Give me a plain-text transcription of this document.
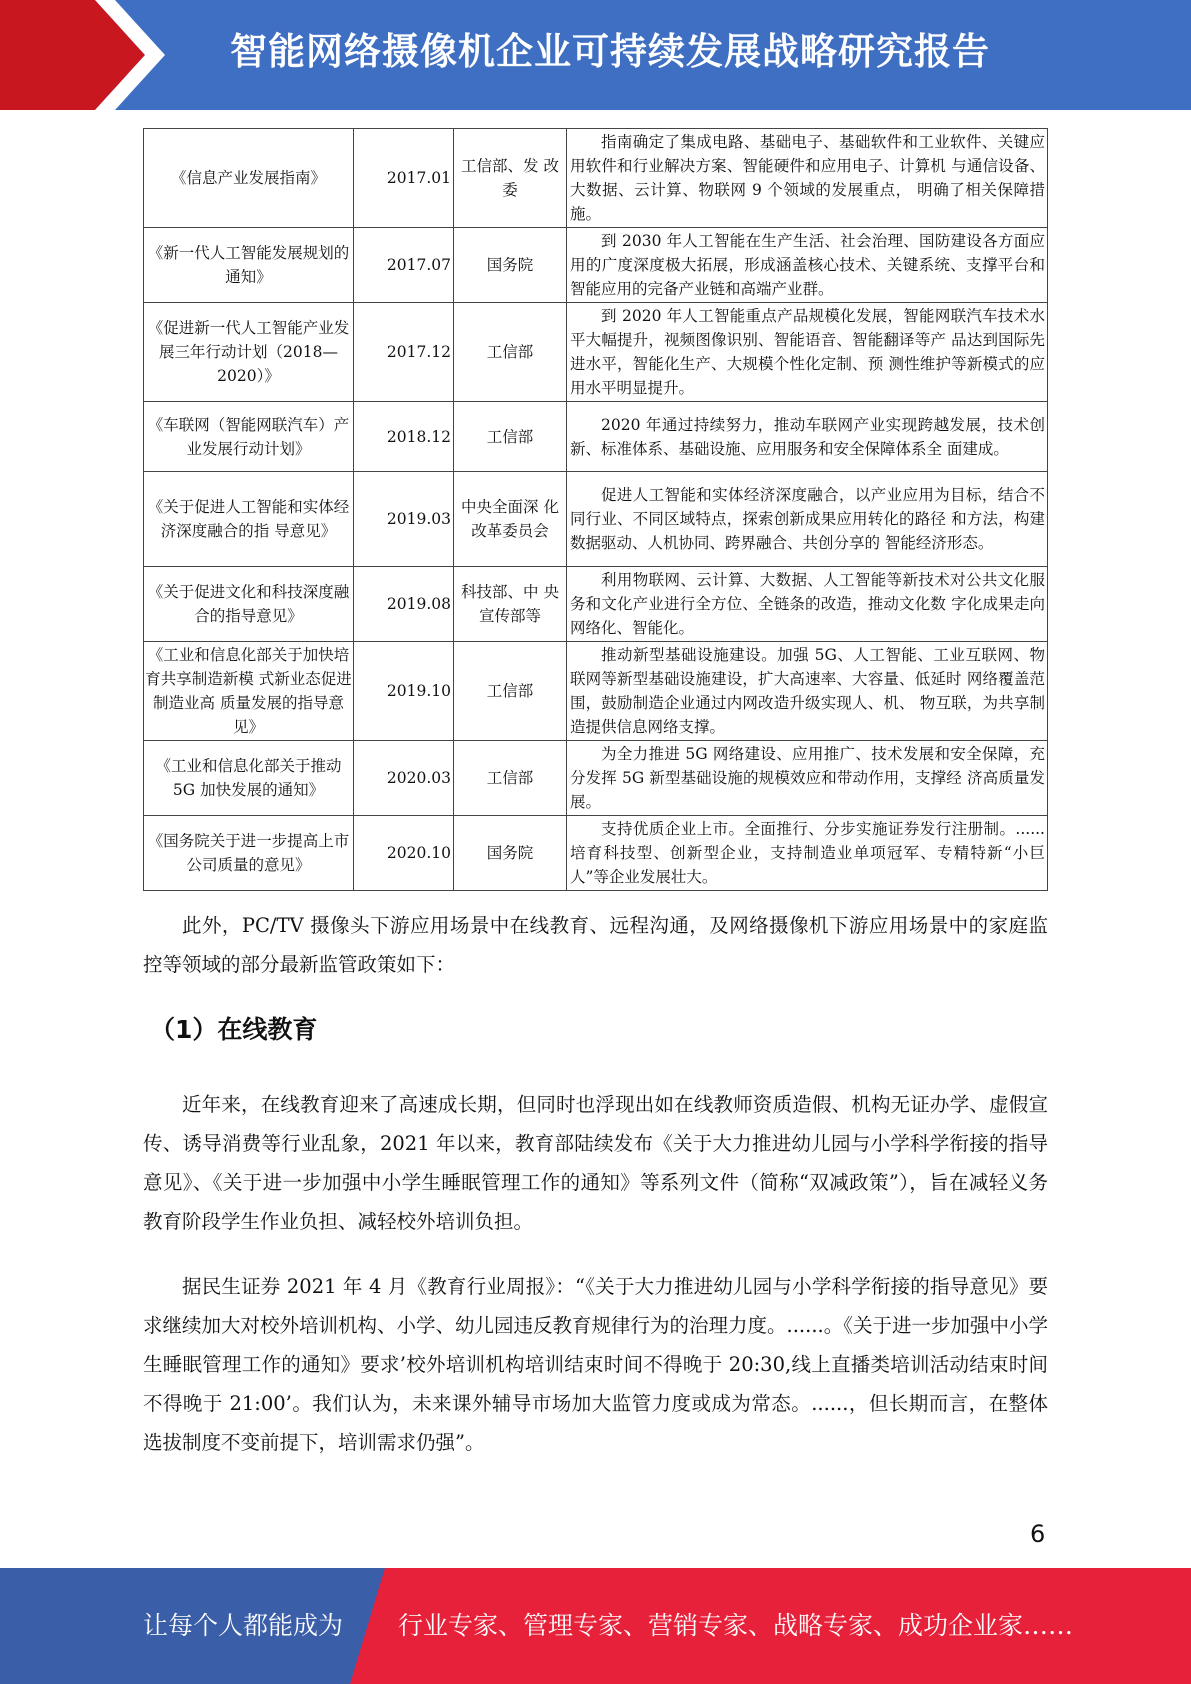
智能网络摄像机企业可持续发展战略研究报告
《信息产业发展指南》	2017.01	工信部、发 改委	指南确定了集成电路、基础电子、基础软件和工业软件、关键应用软件和行业解决方案、智能硬件和应用电子、计算机 与通信设备、大数据、云计算、物联网 9 个领域的发展重点， 明确了相关保障措施。

《新一代人工智能发展规划的通知》	2017.07	国务院	到 2030 年人工智能在生产生活、社会治理、国防建设各方面应用的广度深度极大拓展，形成涵盖核心技术、关键系统、支撑平台和智能应用的完备产业链和高端产业群。

《促进新一代人工智能产业发展三年行动计划（2018—2020）》	2017.12	工信部	到 2020 年人工智能重点产品规模化发展，智能网联汽车技术水平大幅提升，视频图像识别、智能语音、智能翻译等产 品达到国际先进水平，智能化生产、大规模个性化定制、预 测性维护等新模式的应用水平明显提升。

《车联网（智能网联汽车）产业发展行动计划》	2018.12	工信部	2020 年通过持续努力，推动车联网产业实现跨越发展，技术创新、标准体系、基础设施、应用服务和安全保障体系全 面建成。

《关于促进人工智能和实体经济深度融合的指 导意见》	2019.03	中央全面深 化改革委员会	促进人工智能和实体经济深度融合，以产业应用为目标，结合不同行业、不同区域特点，探索创新成果应用转化的路径 和方法，构建数据驱动、人机协同、跨界融合、共创分享的 智能经济形态。

《关于促进文化和科技深度融合的指导意见》	2019.08	科技部、中 央宣传部等	利用物联网、云计算、大数据、人工智能等新技术对公共文化服务和文化产业进行全方位、全链条的改造，推动文化数 字化成果走向网络化、智能化。

《工业和信息化部关于加快培育共享制造新模 式新业态促进制造业高 质量发展的指导意见》	2019.10	工信部	推动新型基础设施建设。加强 5G、人工智能、工业互联网、物联网等新型基础设施建设，扩大高速率、大容量、低延时 网络覆盖范围，鼓励制造企业通过内网改造升级实现人、机、 物互联，为共享制造提供信息网络支撑。

《工业和信息化部关于推动 5G 加快发展的通知》	2020.03	工信部	为全力推进 5G 网络建设、应用推广、技术发展和安全保障，充分发挥 5G 新型基础设施的规模效应和带动作用，支撑经 济高质量发展。

《国务院关于进一步提高上市公司质量的意见》	2020.10	国务院	支持优质企业上市。全面推行、分步实施证券发行注册制。......培育科技型、创新型企业，支持制造业单项冠军、专精特新“小巨人”等企业发展壮大。

此外，PC/TV 摄像头下游应用场景中在线教育、远程沟通，及网络摄像机下游应用场景中的家庭监控等领域的部分最新监管政策如下：

（1）在线教育

近年来，在线教育迎来了高速成长期，但同时也浮现出如在线教师资质造假、机构无证办学、虚假宣传、诱导消费等行业乱象，2021 年以来，教育部陆续发布《关于大力推进幼儿园与小学科学衔接的指导意见》、《关于进一步加强中小学生睡眠管理工作的通知》等系列文件（简称“双减政策”），旨在减轻义务教育阶段学生作业负担、减轻校外培训负担。

据民生证券 2021 年 4 月《教育行业周报》：“《关于大力推进幼儿园与小学科学衔接的指导意见》要求继续加大对校外培训机构、小学、幼儿园违反教育规律行为的治理力度。......。《关于进一步加强中小学生睡眠管理工作的通知》要求’校外培训机构培训结束时间不得晚于 20:30,线上直播类培训活动结束时间不得晚于 21:00’。我们认为，未来课外辅导市场加大监管力度或成为常态。......，但长期而言，在整体选拔制度不变前提下，培训需求仍强”。

6
让每个人都能成为 行业专家、管理专家、营销专家、战略专家、成功企业家……
